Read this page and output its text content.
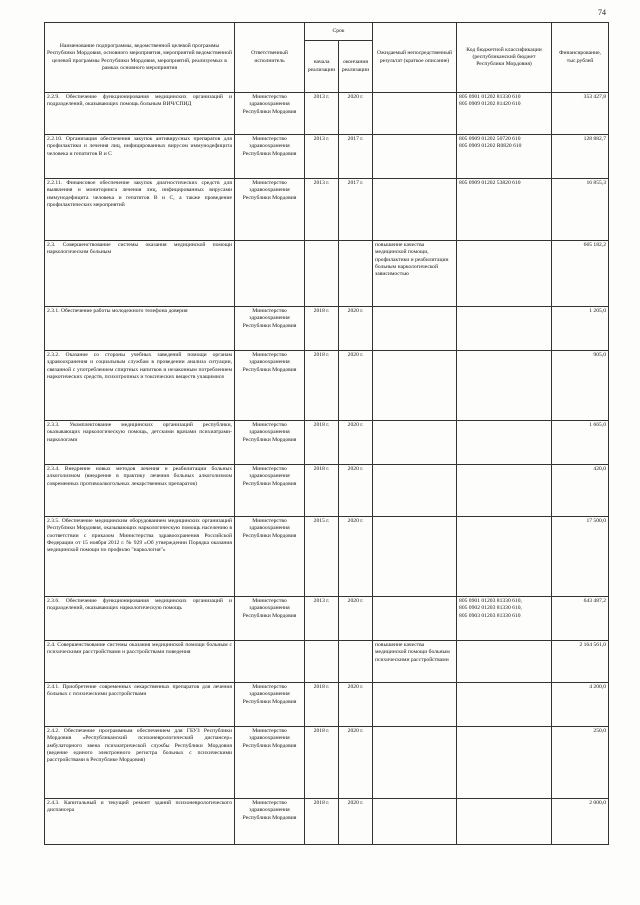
74
Наименование подпрограммы, ведомственной целевой программы Республики Мордовия, основного мероприятия, мероприятий ведомственной целевой программы Республики Мордовия, мероприятий, реализуемых в рамках основного мероприятия	Ответственный исполнитель	Срок		Ожидаемый непосредственный результат (краткое описание)	Код бюджетной классификации (республиканский бюджет Республики Мордовия)	Финансирование, тыс.рублей
		начала реализации	окончания реализации			
2.2.9. Обеспечение функционирования медицинских организаций и подразделений, оказывающих помощь больным ВИЧ/СПИД	Министерство здравоохранения Республики Мордовия	2013 г.	2020 г.		805 0901 01202 81330 610
805 0909 01202 81420 610	353 427,8
2.2.10. Организация обеспечения закупок антивирусных препаратов для профилактики и лечения лиц, инфицированных вирусом иммунодефицита человека и гепатитов В и С	Министерство здравоохранения Республики Мордовия	2013 г.	2017 г.		805 0909 01202 50720 610
805 0909 01202 R0820 610	128 882,7
2.2.11. Финансовое обеспечение закупок диагностических средств для выявления и мониторинга лечения лиц, инфицированных вирусами иммунодефицита человека и гепатитов В и С, а также проведение профилактических мероприятий	Министерство здравоохранения Республики Мордовия	2013 г.	2017 г.		805 0909 01202 53820 610	16 855,3
2.3. Совершенствование системы оказания медицинской помощи наркологическим больным				повышение качества медицинской помощи, профилактики и реабилитации больным наркологической зависимостью		665 182,2
2.3.1. Обеспечение работы молодежного телефона доверия	Министерство здравоохранения Республики Мордовия	2018 г.	2020 г.			1 205,0
2.3.2. Оказание со стороны учебных заведений помощи органам здравоохранения и социальным службам в проведении анализа ситуации, связанной с употреблением спиртных напитков и незаконным потреблением наркотических средств, психотропных и токсических веществ учащимися	Министерство здравоохранения Республики Мордовия	2018 г.	2020 г.			905,0
2.3.3. Укомплектование медицинских организаций республики, оказывающих наркологическую помощь, детскими врачами психиатрами-наркологами	Министерство здравоохранения Республики Мордовия	2018 г.	2020 г.			1 665,0
2.3.4. Внедрение новых методов лечения и реабилитации больных алкоголизмом (внедрение в практику лечения больных алкоголизмом современных противоалкогольных лекарственных препаратов)	Министерство здравоохранения Республики Мордовия	2018 г.	2020 г.			420,0
2.3.5. Обеспечение медицинским оборудованием медицинских организаций Республики Мордовия, оказывающих наркологическую помощь населению в соответствии с приказом Министерства здравоохранения Российской Федерации от 15 ноября 2012 г. № 929 «Об утверждении Порядка оказания медицинской помощи по профилю "наркология"»	Министерство здравоохранения Республики Мордовия	2015 г.	2020 г.			17 500,0
2.3.6. Обеспечение функционирования медицинских организаций и подразделений, оказывающих наркологическую помощь	Министерство здравоохранения Республики Мордовия	2013 г.	2020 г.		805 0901 01203 81330 610,
805 0902 01203 81330 610,
805 0903 01203 81330 610	643 487,2
2.4. Совершенствование системы оказания медицинской помощи больным с психическими расстройствами и расстройствами поведения				повышение качества медицинской помощи больным психическими расстройствами		2 164 561,0
2.4.1. Приобретение современных лекарственных препаратов для лечения больных с психическими расстройствами	Министерство здравоохранения Республики Мордовия	2018 г.	2020 г.			4 200,0
2.4.2. Обеспечение программным обеспечением для ГБУЗ Республики Мордовия «Республиканский психоневрологический диспансер» амбулаторного звена психиатрической службы Республики Мордовия (ведение единого электронного регистра больных с психическими расстройствами в Республике Мордовия)	Министерство здравоохранения Республики Мордовия	2018 г.	2020 г.			250,0
2.4.3. Капитальный и текущий ремонт зданий психоневрологического диспансера	Министерство здравоохранения Республики Мордовия	2018 г.	2020 г.			2 000,0
